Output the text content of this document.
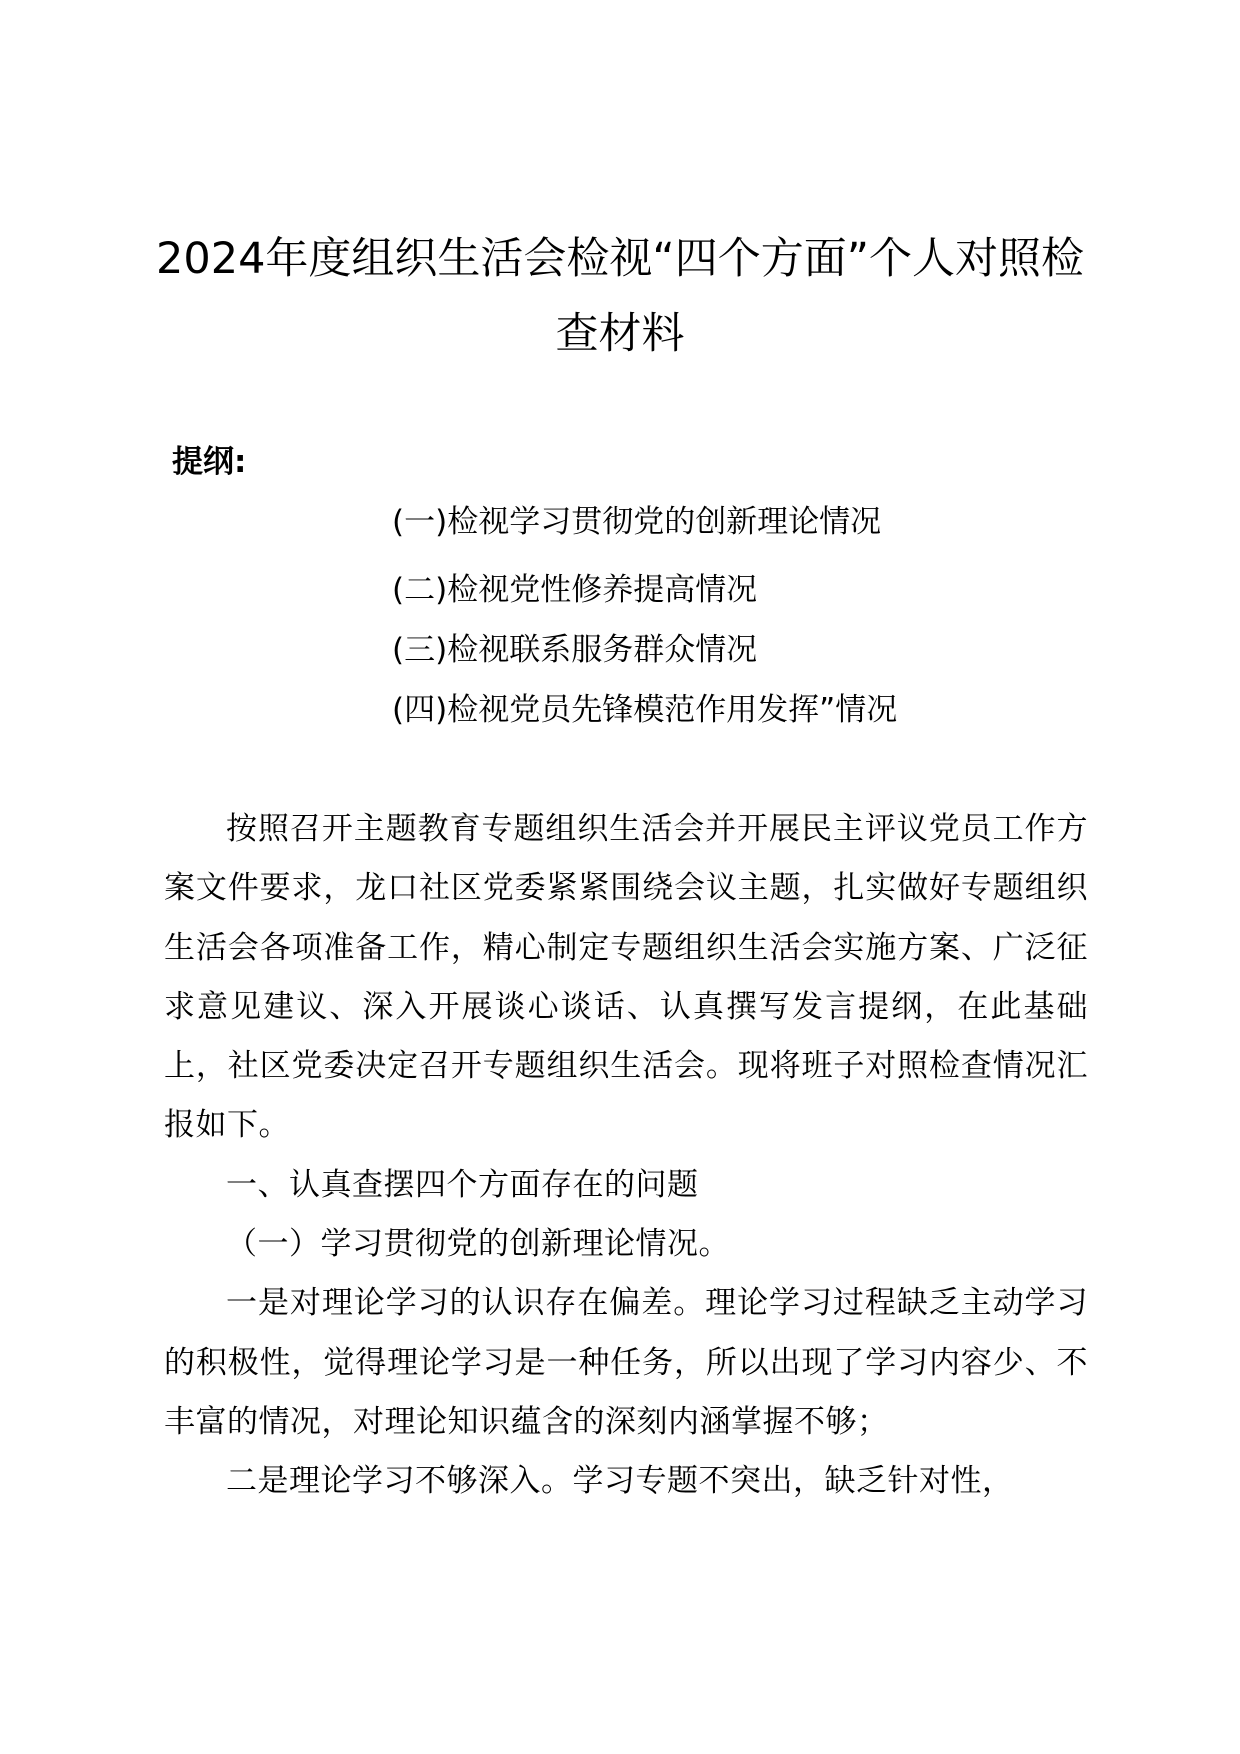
2024年度组织生活会检视“四个方面”个人对照检查材料

提纲:

(一)检视学习贯彻党的创新理论情况
(二)检视党性修养提高情况
(三)检视联系服务群众情况
(四)检视党员先锋模范作用发挥”情况

按照召开主题教育专题组织生活会并开展民主评议党员工作方案文件要求，龙口社区党委紧紧围绕会议主题，扎实做好专题组织生活会各项准备工作，精心制定专题组织生活会实施方案、广泛征求意见建议、深入开展谈心谈话、认真撰写发言提纲，在此基础上，社区党委决定召开专题组织生活会。现将班子对照检查情况汇报如下。

一、认真查摆四个方面存在的问题

（一）学习贯彻党的创新理论情况。

一是对理论学习的认识存在偏差。理论学习过程缺乏主动学习的积极性，觉得理论学习是一种任务，所以出现了学习内容少、不丰富的情况，对理论知识蕴含的深刻内涵掌握不够；

二是理论学习不够深入。学习专题不突出，缺乏针对性，
